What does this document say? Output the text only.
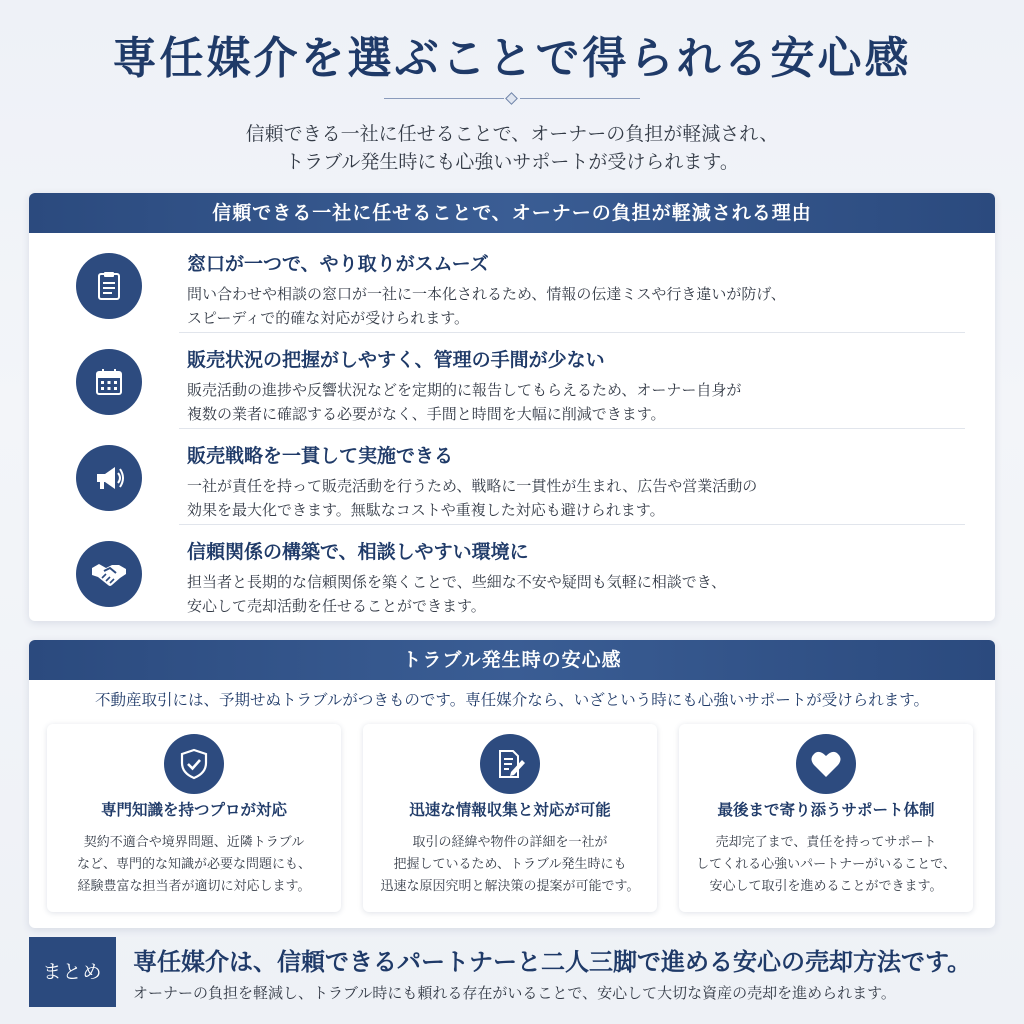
専任媒介を選ぶことで得られる安心感
信頼できる一社に任せることで、オーナーの負担が軽減され、
トラブル発生時にも心強いサポートが受けられます。
信頼できる一社に任せることで、オーナーの負担が軽減される理由
窓口が一つで、やり取りがスムーズ
問い合わせや相談の窓口が一社に一本化されるため、情報の伝達ミスや行き違いが防げ、
スピーディで的確な対応が受けられます。
販売状況の把握がしやすく、管理の手間が少ない
販売活動の進捗や反響状況などを定期的に報告してもらえるため、オーナー自身が
複数の業者に確認する必要がなく、手間と時間を大幅に削減できます。
販売戦略を一貫して実施できる
一社が責任を持って販売活動を行うため、戦略に一貫性が生まれ、広告や営業活動の
効果を最大化できます。無駄なコストや重複した対応も避けられます。
信頼関係の構築で、相談しやすい環境に
担当者と長期的な信頼関係を築くことで、些細な不安や疑問も気軽に相談でき、
安心して売却活動を任せることができます。
トラブル発生時の安心感
不動産取引には、予期せぬトラブルがつきものです。専任媒介なら、いざという時にも心強いサポートが受けられます。
専門知識を持つプロが対応
契約不適合や境界問題、近隣トラブル
など、専門的な知識が必要な問題にも、
経験豊富な担当者が適切に対応します。
迅速な情報収集と対応が可能
取引の経緯や物件の詳細を一社が
把握しているため、トラブル発生時にも
迅速な原因究明と解決策の提案が可能です。
最後まで寄り添うサポート体制
売却完了まで、責任を持ってサポート
してくれる心強いパートナーがいることで、
安心して取引を進めることができます。
まとめ	専任媒介は、信頼できるパートナーと二人三脚で進める安心の売却方法です。
オーナーの負担を軽減し、トラブル時にも頼れる存在がいることで、安心して大切な資産の売却を進められます。
